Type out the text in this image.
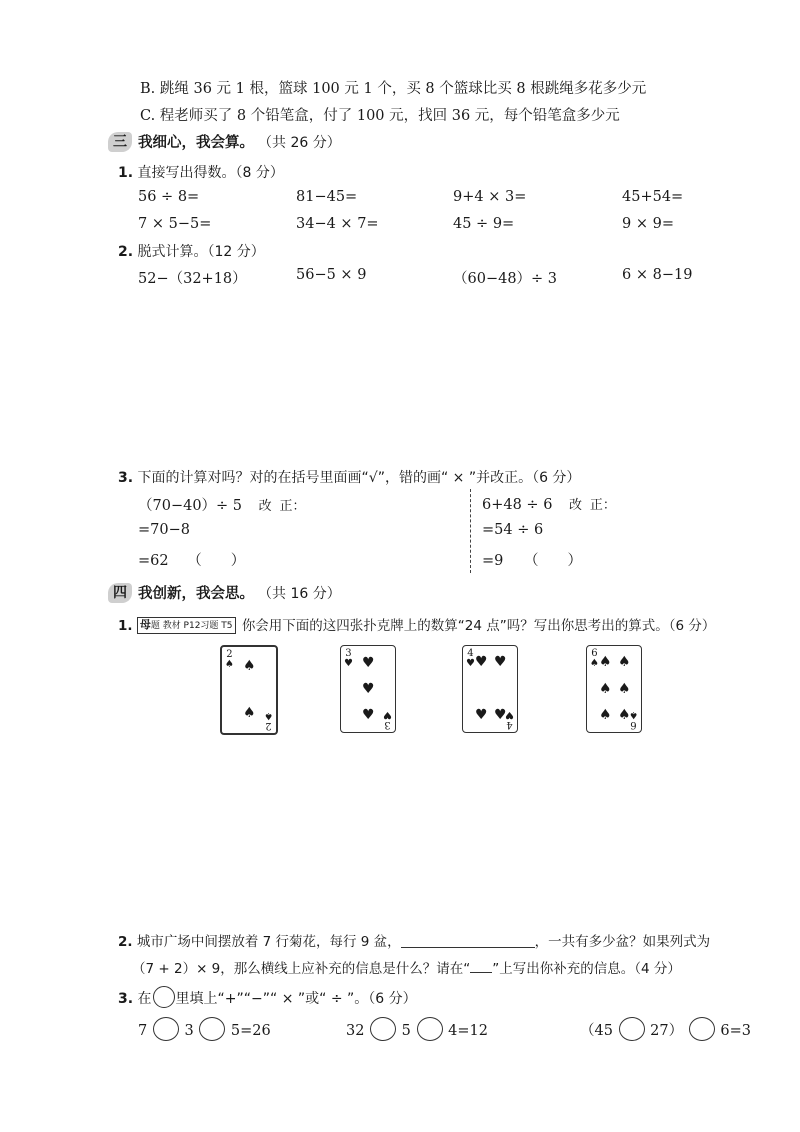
B. 跳绳 36 元 1 根，篮球 100 元 1 个，买 8 个篮球比买 8 根跳绳多花多少元
C. 程老师买了 8 个铅笔盒，付了 100 元，找回 36 元，每个铅笔盒多少元
三 我细心，我会算。 （共 26 分）
1. 直接写出得数。（8 分）
56 ÷ 8=	81−45=	9+4 × 3=	45+54=
7 × 5−5=	34−4 × 7=	45 ÷ 9=	9 × 9=
2. 脱式计算。（12 分）
52−（32+18）	56−5 × 9	（60−48）÷ 3	6 × 8−19
3. 下面的计算对吗？对的在括号里面画“√”，错的画“ × ”并改正。（6 分）
（70−40）÷ 5 改 正：
=70−8
=62 （　　）
6+48 ÷ 6 改 正：
=54 ÷ 6
=9 （　　）
四 我创新，我会思。 （共 16 分）
1. 母题 教材 P12习题 T5 你会用下面的这四张扑克牌上的数算“24 点”吗？写出你思考出的算式。（6 分）
2
♠ ♠
♠
2
♠
3
♥ ♥
♥
♥
3
♥
4
♥ ♥ ♥
♥ ♥
4
♥
6
♠ ♠ ♠
♠ ♠
♠ ♠
6
♠
2. 城市广场中间摆放着 7 行菊花，每行 9 盆，	，一共有多少盆？如果列式为
（7 + 2）× 9，那么横线上应补充的信息是什么？请在“ ”上写出你补充的信息。（4 分）
3. 在 里填上“+”“−”“ × ”或“ ÷ ”。（6 分）
7	3	5=26	32	5	4=12	（45	27）	6=3
